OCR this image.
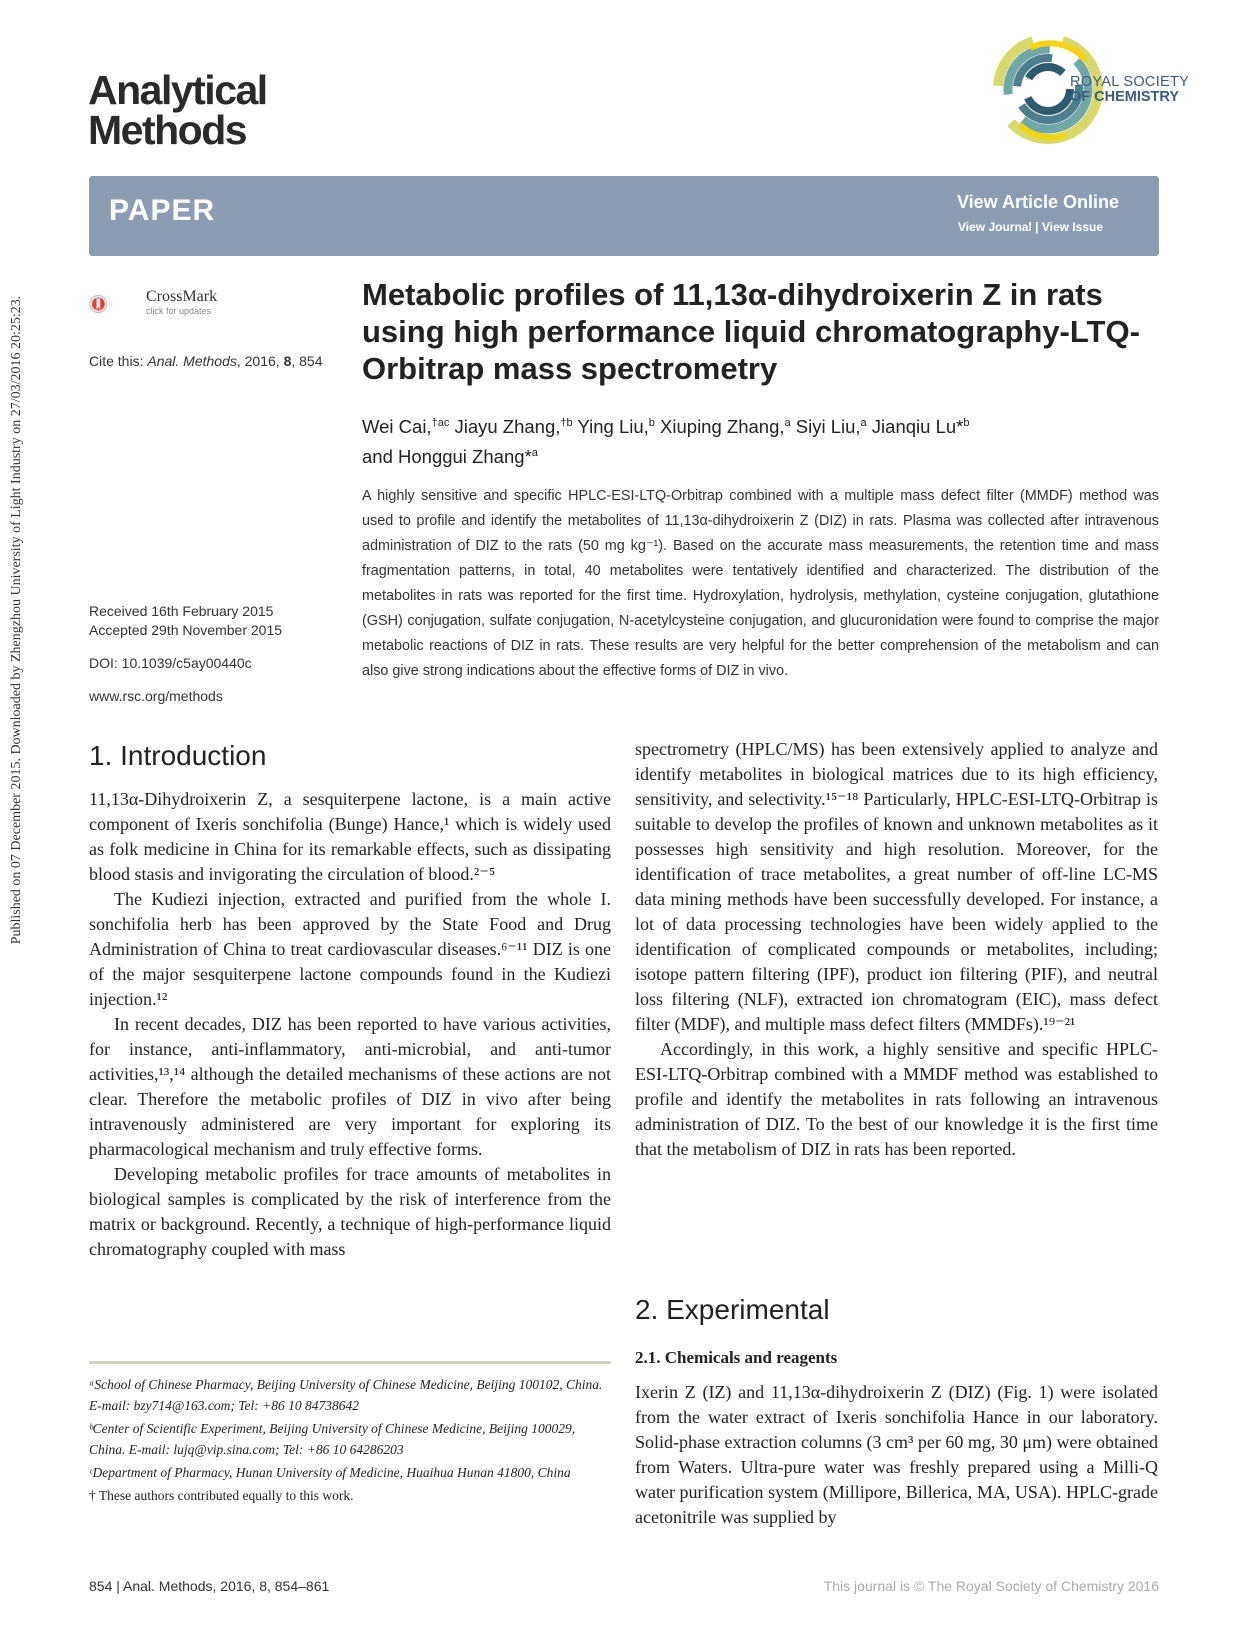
Published on 07 December 2015. Downloaded by Zhengzhou University of Light Industry on 27/03/2016 20:25:23.
Analytical
Methods
ROYAL SOCIETY
OF CHEMISTRY
PAPER	View Article Online
View Journal | View Issue
CrossMark
click for updates
Cite this: Anal. Methods, 2016, 8, 854
Received 16th February 2015
Accepted 29th November 2015
DOI: 10.1039/c5ay00440c
www.rsc.org/methods
Metabolic profiles of 11,13α-dihydroixerin Z in rats using high performance liquid chromatography-LTQ-Orbitrap mass spectrometry
Wei Cai,$^{\dagger ac}$ Jiayu Zhang,$^{\dagger b}$ Ying Liu,$^b$ Xiuping Zhang,$^a$ Siyi Liu,$^a$ Jianqiu Lu*$^b$
and Honggui Zhang*$^a$
A highly sensitive and specific HPLC-ESI-LTQ-Orbitrap combined with a multiple mass defect filter (MMDF) method was used to profile and identify the metabolites of 11,13α-dihydroixerin Z (DIZ) in rats. Plasma was collected after intravenous administration of DIZ to the rats (50 mg kg⁻¹). Based on the accurate mass measurements, the retention time and mass fragmentation patterns, in total, 40 metabolites were tentatively identified and characterized. The distribution of the metabolites in rats was reported for the first time. Hydroxylation, hydrolysis, methylation, cysteine conjugation, glutathione (GSH) conjugation, sulfate conjugation, N-acetylcysteine conjugation, and glucuronidation were found to comprise the major metabolic reactions of DIZ in rats. These results are very helpful for the better comprehension of the metabolism and can also give strong indications about the effective forms of DIZ in vivo.
1. Introduction

11,13α-Dihydroixerin Z, a sesquiterpene lactone, is a main active component of Ixeris sonchifolia (Bunge) Hance,¹ which is widely used as folk medicine in China for its remarkable effects, such as dissipating blood stasis and invigorating the circulation of blood.²⁻⁵

The Kudiezi injection, extracted and purified from the whole I. sonchifolia herb has been approved by the State Food and Drug Administration of China to treat cardiovascular diseases.⁶⁻¹¹ DIZ is one of the major sesquiterpene lactone compounds found in the Kudiezi injection.¹²

In recent decades, DIZ has been reported to have various activities, for instance, anti-inflammatory, anti-microbial, and anti-tumor activities,¹³,¹⁴ although the detailed mechanisms of these actions are not clear. Therefore the metabolic profiles of DIZ in vivo after being intravenously administered are very important for exploring its pharmacological mechanism and truly effective forms.

Developing metabolic profiles for trace amounts of metabolites in biological samples is complicated by the risk of interference from the matrix or background. Recently, a technique of high-performance liquid chromatography coupled with mass

spectrometry (HPLC/MS) has been extensively applied to analyze and identify metabolites in biological matrices due to its high efficiency, sensitivity, and selectivity.¹⁵⁻¹⁸ Particularly, HPLC-ESI-LTQ-Orbitrap is suitable to develop the profiles of known and unknown metabolites as it possesses high sensitivity and high resolution. Moreover, for the identification of trace metabolites, a great number of off-line LC-MS data mining methods have been successfully developed. For instance, a lot of data processing technologies have been widely applied to the identification of complicated compounds or metabolites, including; isotope pattern filtering (IPF), product ion filtering (PIF), and neutral loss filtering (NLF), extracted ion chromatogram (EIC), mass defect filter (MDF), and multiple mass defect filters (MMDFs).¹⁹⁻²¹

Accordingly, in this work, a highly sensitive and specific HPLC-ESI-LTQ-Orbitrap combined with a MMDF method was established to profile and identify the metabolites in rats following an intravenous administration of DIZ. To the best of our knowledge it is the first time that the metabolism of DIZ in rats has been reported.

2. Experimental
2.1. Chemicals and reagents

Ixerin Z (IZ) and 11,13α-dihydroixerin Z (DIZ) (Fig. 1) were isolated from the water extract of Ixeris sonchifolia Hance in our laboratory. Solid-phase extraction columns (3 cm³ per 60 mg, 30 μm) were obtained from Waters. Ultra-pure water was freshly prepared using a Milli-Q water purification system (Millipore, Billerica, MA, USA). HPLC-grade acetonitrile was supplied by

ᵃSchool of Chinese Pharmacy, Beijing University of Chinese Medicine, Beijing 100102, China. E-mail: bzy714@163.com; Tel: +86 10 84738642
ᵇCenter of Scientific Experiment, Beijing University of Chinese Medicine, Beijing 100029, China. E-mail: lujq@vip.sina.com; Tel: +86 10 64286203
ᶜDepartment of Pharmacy, Hunan University of Medicine, Huaihua Hunan 41800, China
† These authors contributed equally to this work.
854 | Anal. Methods, 2016, 8, 854–861	This journal is © The Royal Society of Chemistry 2016
